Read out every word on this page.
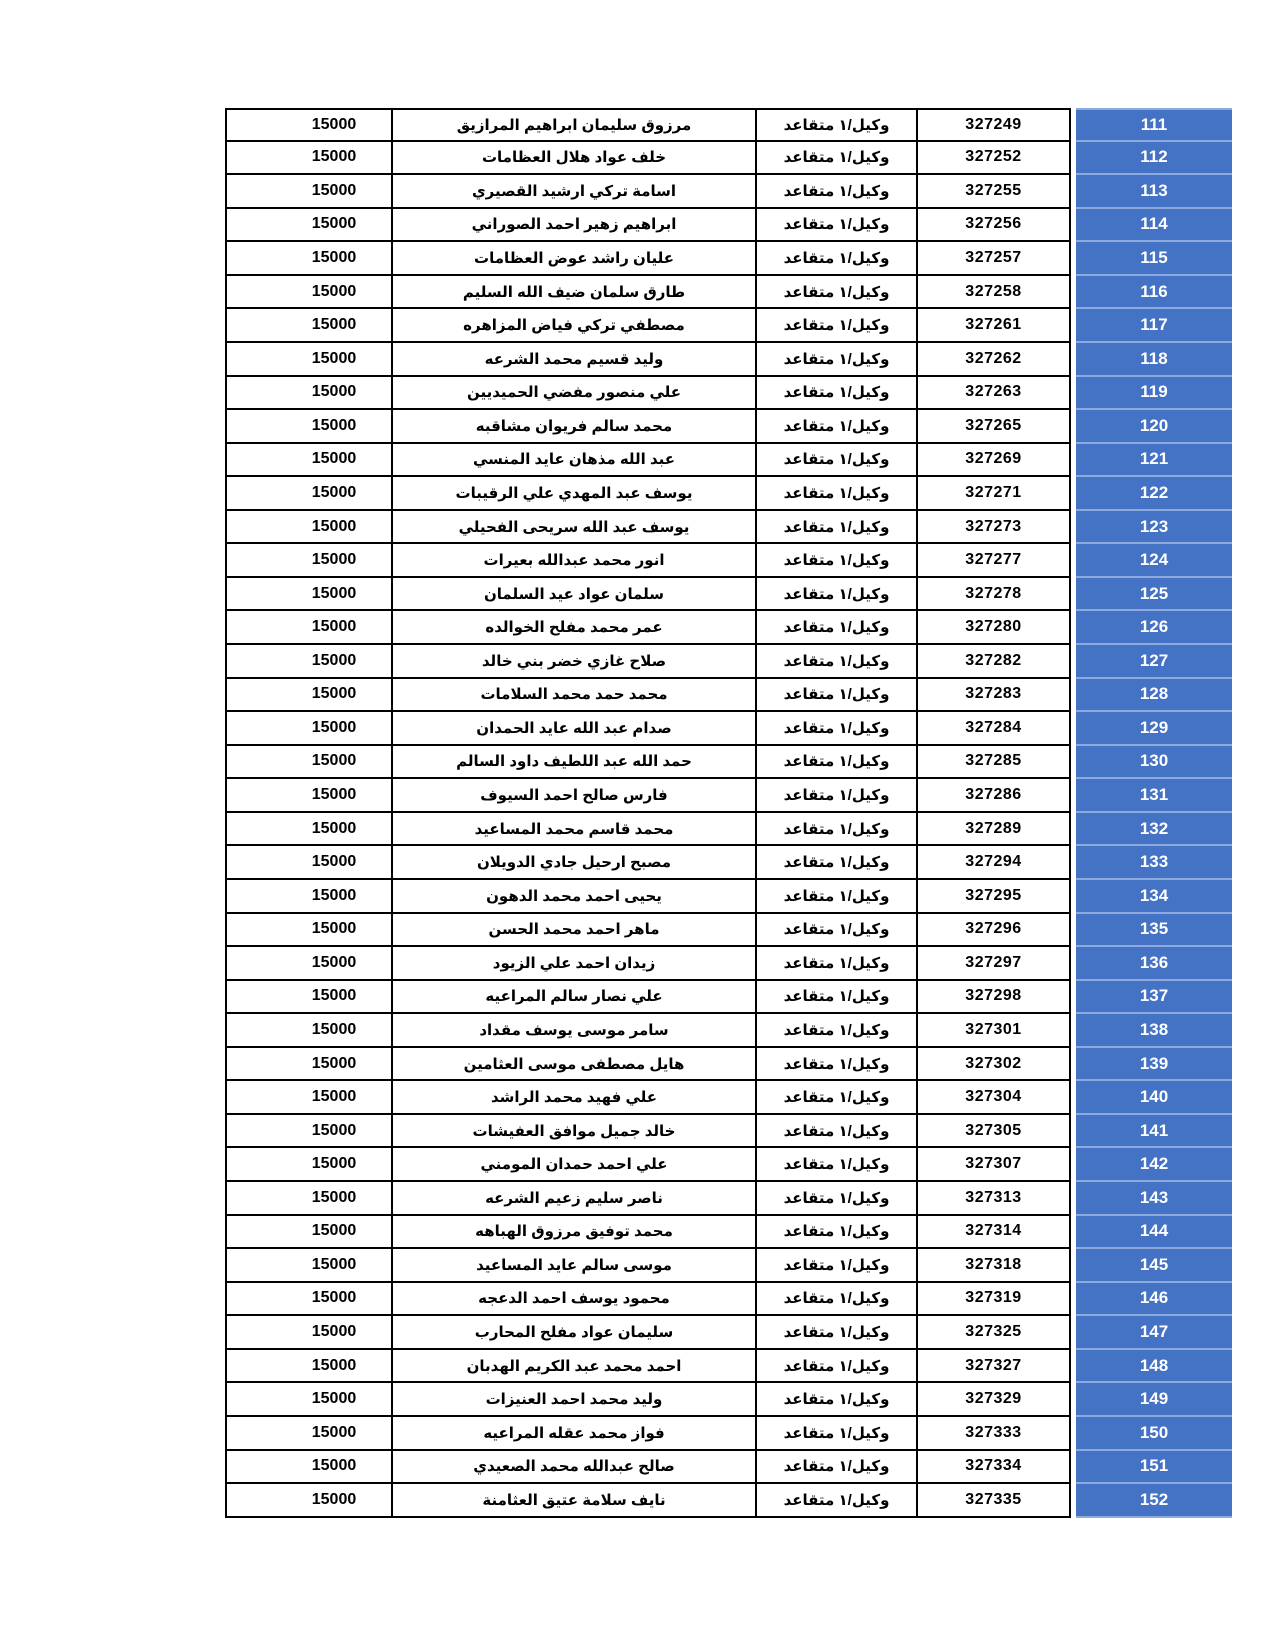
15000	مرزوق سليمان ابراهيم المرازيق	وكيل/١ متقاعد	327249	111
15000	خلف عواد هلال العظامات	وكيل/١ متقاعد	327252	112
15000	اسامة تركي ارشيد القصيري	وكيل/١ متقاعد	327255	113
15000	ابراهيم زهير احمد الصوراني	وكيل/١ متقاعد	327256	114
15000	عليان راشد عوض العظامات	وكيل/١ متقاعد	327257	115
15000	طارق سلمان ضيف الله السليم	وكيل/١ متقاعد	327258	116
15000	مصطفي تركي فياض المزاهره	وكيل/١ متقاعد	327261	117
15000	وليد قسيم محمد الشرعه	وكيل/١ متقاعد	327262	118
15000	علي منصور مفضي الحميديين	وكيل/١ متقاعد	327263	119
15000	محمد سالم فريوان مشاقبه	وكيل/١ متقاعد	327265	120
15000	عبد الله مذهان عايد المنسي	وكيل/١ متقاعد	327269	121
15000	يوسف عبد المهدي علي الرقيبات	وكيل/١ متقاعد	327271	122
15000	يوسف عبد الله سريحى الفحيلي	وكيل/١ متقاعد	327273	123
15000	انور محمد عبدالله بعيرات	وكيل/١ متقاعد	327277	124
15000	سلمان عواد عيد السلمان	وكيل/١ متقاعد	327278	125
15000	عمر محمد مفلح الخوالده	وكيل/١ متقاعد	327280	126
15000	صلاح غازي خضر بني خالد	وكيل/١ متقاعد	327282	127
15000	محمد حمد محمد السلامات	وكيل/١ متقاعد	327283	128
15000	صدام عبد الله عايد الحمدان	وكيل/١ متقاعد	327284	129
15000	حمد الله عبد اللطيف داود السالم	وكيل/١ متقاعد	327285	130
15000	فارس صالح احمد السيوف	وكيل/١ متقاعد	327286	131
15000	محمد قاسم محمد المساعيد	وكيل/١ متقاعد	327289	132
15000	مصبح ارحيل جادي الدويلان	وكيل/١ متقاعد	327294	133
15000	يحيى احمد محمد الدهون	وكيل/١ متقاعد	327295	134
15000	ماهر احمد محمد الحسن	وكيل/١ متقاعد	327296	135
15000	زيدان احمد علي الزيود	وكيل/١ متقاعد	327297	136
15000	علي نصار سالم المراعيه	وكيل/١ متقاعد	327298	137
15000	سامر موسى يوسف مقداد	وكيل/١ متقاعد	327301	138
15000	هايل مصطفى موسى العثامين	وكيل/١ متقاعد	327302	139
15000	علي فهيد محمد الراشد	وكيل/١ متقاعد	327304	140
15000	خالد جميل موافق العفيشات	وكيل/١ متقاعد	327305	141
15000	علي احمد حمدان المومني	وكيل/١ متقاعد	327307	142
15000	ناصر سليم زعيم الشرعه	وكيل/١ متقاعد	327313	143
15000	محمد توفيق مرزوق الهباهه	وكيل/١ متقاعد	327314	144
15000	موسى سالم عايد المساعيد	وكيل/١ متقاعد	327318	145
15000	محمود يوسف احمد الدعجه	وكيل/١ متقاعد	327319	146
15000	سليمان عواد مفلح المحارب	وكيل/١ متقاعد	327325	147
15000	احمد محمد عبد الكريم الهدبان	وكيل/١ متقاعد	327327	148
15000	وليد محمد احمد العنيزات	وكيل/١ متقاعد	327329	149
15000	فواز محمد عقله المراعيه	وكيل/١ متقاعد	327333	150
15000	صالح عبدالله محمد الصعيدي	وكيل/١ متقاعد	327334	151
15000	نايف سلامة عتيق العثامنة	وكيل/١ متقاعد	327335	152
